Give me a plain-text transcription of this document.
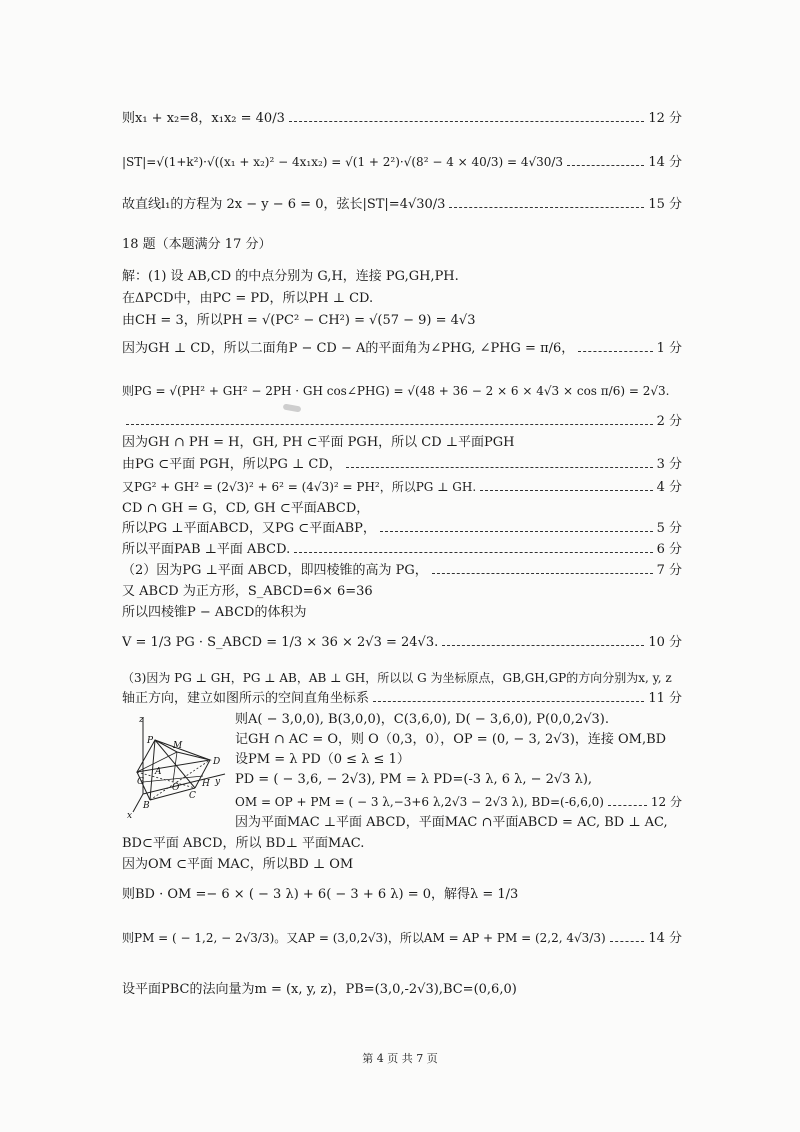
则x₁ + x₂=8，x₁x₂ = 40/3	12 分
|ST|=√(1+k²)·√((x₁ + x₂)² − 4x₁x₂) = √(1 + 2²)·√(8² − 4 × 40/3) = 4√30/3	14 分
故直线l₁的方程为 2x − y − 6 = 0，弦长|ST|=4√30/3	15 分
18 题（本题满分 17 分）
解：(1) 设 AB,CD 的中点分别为 G,H，连接 PG,GH,PH.
在ΔPCD中，由PC = PD，所以PH ⊥ CD.
由CH = 3，所以PH = √(PC² − CH²) = √(57 − 9) = 4√3
因为GH ⊥ CD，所以二面角P − CD − A的平面角为∠PHG, ∠PHG = π/6，	1 分
则PG = √(PH² + GH² − 2PH · GH cos∠PHG) = √(48 + 36 − 2 × 6 × 4√3 × cos π/6) = 2√3.
2 分
因为GH ∩ PH = H，GH, PH ⊂平面 PGH，所以 CD ⊥平面PGH
由PG ⊂平面 PGH，所以PG ⊥ CD，	3 分
又PG² + GH² = (2√3)² + 6² = (4√3)² = PH²，所以PG ⊥ GH.	4 分
CD ∩ GH = G，CD, GH ⊂平面ABCD，
所以PG ⊥平面ABCD，又PG ⊂平面ABP，	5 分
所以平面PAB ⊥平面 ABCD.	6 分
（2）因为PG ⊥平面 ABCD，即四棱锥的高为 PG，	7 分
又 ABCD 为正方形，S_ABCD=6× 6=36
所以四棱锥P − ABCD的体积为
V = 1/3 PG · S_ABCD = 1/3 × 36 × 2√3 = 24√3.	10 分
（3)因为 PG ⊥ GH，PG ⊥ AB，AB ⊥ GH，所以以 G 为坐标原点，GB,GH,GP的方向分别为x, y, z
轴正方向，建立如图所示的空间直角坐标系	11 分
z
P M
A
G
O
D
B
C
H y
x
则A( − 3,0,0), B(3,0,0)，C(3,6,0), D( − 3,6,0), P(0,0,2√3).
记GH ∩ AC = O，则 O（0,3，0），OP = (0, − 3, 2√3)，连接 OM,BD
设PM = λ PD（0 ≤ λ ≤ 1）
PD = ( − 3,6, − 2√3), PM = λ PD=(-3 λ, 6 λ, − 2√3 λ),
OM = OP + PM = ( − 3 λ,−3+6 λ,2√3 − 2√3 λ), BD=(-6,6,0)	12 分
因为平面MAC ⊥平面 ABCD，平面MAC ∩平面ABCD = AC, BD ⊥ AC,
BD⊂平面 ABCD，所以 BD⊥ 平面MAC.
因为OM ⊂平面 MAC，所以BD ⊥ OM
则BD · OM =− 6 × ( − 3 λ) + 6( − 3 + 6 λ) = 0，解得λ = 1/3
则PM = ( − 1,2, − 2√3/3)。又AP = (3,0,2√3)，所以AM = AP + PM = (2,2, 4√3/3)	14 分
设平面PBC的法向量为m = (x, y, z)，PB=(3,0,-2√3),BC=(0,6,0)
第 4 页 共 7 页
